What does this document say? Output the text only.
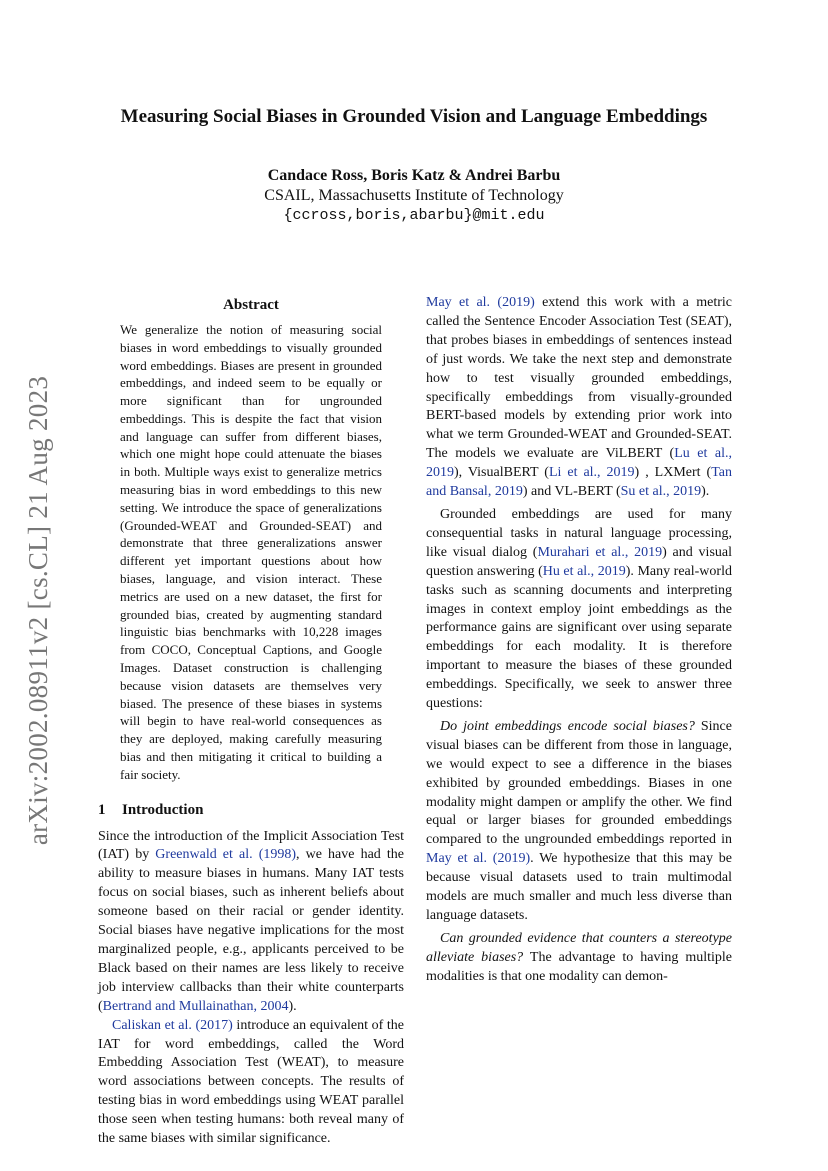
arXiv:2002.08911v2 [cs.CL] 21 Aug 2023
Measuring Social Biases in Grounded Vision and Language Embeddings
Candace Ross, Boris Katz & Andrei Barbu
CSAIL, Massachusetts Institute of Technology
{ccross,boris,abarbu}@mit.edu
Abstract

We generalize the notion of measuring social biases in word embeddings to visually grounded word embeddings. Biases are present in grounded embeddings, and indeed seem to be equally or more significant than for ungrounded embeddings. This is despite the fact that vision and language can suffer from different biases, which one might hope could attenuate the biases in both. Multiple ways exist to generalize metrics measuring bias in word embeddings to this new setting. We introduce the space of generalizations (Grounded-WEAT and Grounded-SEAT) and demonstrate that three generalizations answer different yet important questions about how biases, language, and vision interact. These metrics are used on a new dataset, the first for grounded bias, created by augmenting standard linguistic bias benchmarks with 10,228 images from COCO, Conceptual Captions, and Google Images. Dataset construction is challenging because vision datasets are themselves very biased. The presence of these biases in systems will begin to have real-world consequences as they are deployed, making carefully measuring bias and then mitigating it critical to building a fair society.

1 Introduction

Since the introduction of the Implicit Association Test (IAT) by Greenwald et al. (1998), we have had the ability to measure biases in humans. Many IAT tests focus on social biases, such as inherent beliefs about someone based on their racial or gender identity. Social biases have negative implications for the most marginalized people, e.g., applicants perceived to be Black based on their names are less likely to receive job interview callbacks than their white counterparts (Bertrand and Mullainathan, 2004).

Caliskan et al. (2017) introduce an equivalent of the IAT for word embeddings, called the Word Embedding Association Test (WEAT), to measure word associations between concepts. The results of testing bias in word embeddings using WEAT parallel those seen when testing humans: both reveal many of the same biases with similar significance.

May et al. (2019) extend this work with a metric called the Sentence Encoder Association Test (SEAT), that probes biases in embeddings of sentences instead of just words. We take the next step and demonstrate how to test visually grounded embeddings, specifically embeddings from visually-grounded BERT-based models by extending prior work into what we term Grounded-WEAT and Grounded-SEAT. The models we evaluate are ViLBERT (Lu et al., 2019), VisualBERT (Li et al., 2019) , LXMert (Tan and Bansal, 2019) and VL-BERT (Su et al., 2019).

Grounded embeddings are used for many consequential tasks in natural language processing, like visual dialog (Murahari et al., 2019) and visual question answering (Hu et al., 2019). Many real-world tasks such as scanning documents and interpreting images in context employ joint embeddings as the performance gains are significant over using separate embeddings for each modality. It is therefore important to measure the biases of these grounded embeddings. Specifically, we seek to answer three questions:

Do joint embeddings encode social biases? Since visual biases can be different from those in language, we would expect to see a difference in the biases exhibited by grounded embeddings. Biases in one modality might dampen or amplify the other. We find equal or larger biases for grounded embeddings compared to the ungrounded embeddings reported in May et al. (2019). We hypothesize that this may be because visual datasets used to train multimodal models are much smaller and much less diverse than language datasets.

Can grounded evidence that counters a stereotype alleviate biases? The advantage to having multiple modalities is that one modality can demon-
